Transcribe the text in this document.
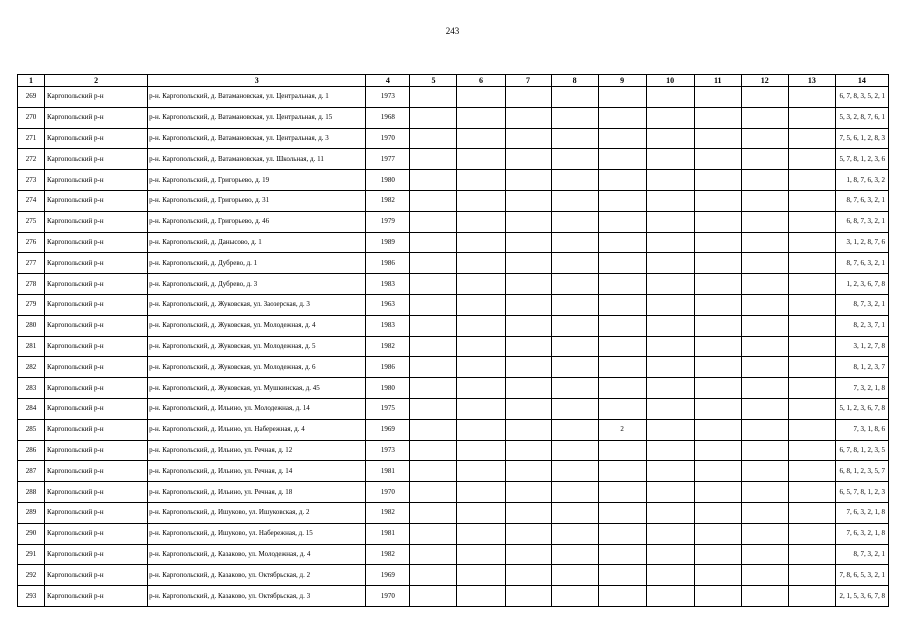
243
1	2	3	4	5	6	7	8	9	10	11	12	13	14
269	Каргопольский р-н	р-н. Каргопольский, д. Ватамановская, ул. Центральная, д. 1	1973										6, 7, 8, 3, 5, 2, 1
270	Каргопольский р-н	р-н. Каргопольский, д. Ватамановская, ул. Центральная, д. 15	1968										5, 3, 2, 8, 7, 6, 1
271	Каргопольский р-н	р-н. Каргопольский, д. Ватамановская, ул. Центральная, д. 3	1970										7, 5, 6, 1, 2, 8, 3
272	Каргопольский р-н	р-н. Каргопольский, д. Ватамановская, ул. Школьная, д. 11	1977										5, 7, 8, 1, 2, 3, 6
273	Каргопольский р-н	р-н. Каргопольский, д. Григорьево, д. 19	1980										1, 8, 7, 6, 3, 2
274	Каргопольский р-н	р-н. Каргопольский, д. Григорьево, д. 31	1982										8, 7, 6, 3, 2, 1
275	Каргопольский р-н	р-н. Каргопольский, д. Григорьево, д. 46	1979										6, 8, 7, 3, 2, 1
276	Каргопольский р-н	р-н. Каргопольский, д. Данысово, д. 1	1989										3, 1, 2, 8, 7, 6
277	Каргопольский р-н	р-н. Каргопольский, д. Дубрево, д. 1	1986										8, 7, 6, 3, 2, 1
278	Каргопольский р-н	р-н. Каргопольский, д. Дубрево, д. 3	1983										1, 2, 3, 6, 7, 8
279	Каргопольский р-н	р-н. Каргопольский, д. Жуковская, ул. Заозерская, д. 3	1963										8, 7, 3, 2, 1
280	Каргопольский р-н	р-н. Каргопольский, д. Жуковская, ул. Молодежная, д. 4	1983										8, 2, 3, 7, 1
281	Каргопольский р-н	р-н. Каргопольский, д. Жуковская, ул. Молодежная, д. 5	1982										3, 1, 2, 7, 8
282	Каргопольский р-н	р-н. Каргопольский, д. Жуковская, ул. Молодежная, д. 6	1986										8, 1, 2, 3, 7
283	Каргопольский р-н	р-н. Каргопольский, д. Жуковская, ул. Мушкинская, д. 45	1980										7, 3, 2, 1, 8
284	Каргопольский р-н	р-н. Каргопольский, д. Ильино, ул. Молодежная, д. 14	1975										5, 1, 2, 3, 6, 7, 8
285	Каргопольский р-н	р-н. Каргопольский, д. Ильино, ул. Набережная, д. 4	1969					2					7, 3, 1, 8, 6
286	Каргопольский р-н	р-н. Каргопольский, д. Ильино, ул. Речная, д. 12	1973										6, 7, 8, 1, 2, 3, 5
287	Каргопольский р-н	р-н. Каргопольский, д. Ильино, ул. Речная, д. 14	1981										6, 8, 1, 2, 3, 5, 7
288	Каргопольский р-н	р-н. Каргопольский, д. Ильино, ул. Речная, д. 18	1970										6, 5, 7, 8, 1, 2, 3
289	Каргопольский р-н	р-н. Каргопольский, д. Ишуково, ул. Ишуковская, д. 2	1982										7, 6, 3, 2, 1, 8
290	Каргопольский р-н	р-н. Каргопольский, д. Ишуково, ул. Набережная, д. 15	1981										7, 6, 3, 2, 1, 8
291	Каргопольский р-н	р-н. Каргопольский, д. Казаково, ул. Молодежная, д. 4	1982										8, 7, 3, 2, 1
292	Каргопольский р-н	р-н. Каргопольский, д. Казаково, ул. Октябрьская, д. 2	1969										7, 8, 6, 5, 3, 2, 1
293	Каргопольский р-н	р-н. Каргопольский, д. Казаково, ул. Октябрьская, д. 3	1970										2, 1, 5, 3, 6, 7, 8
